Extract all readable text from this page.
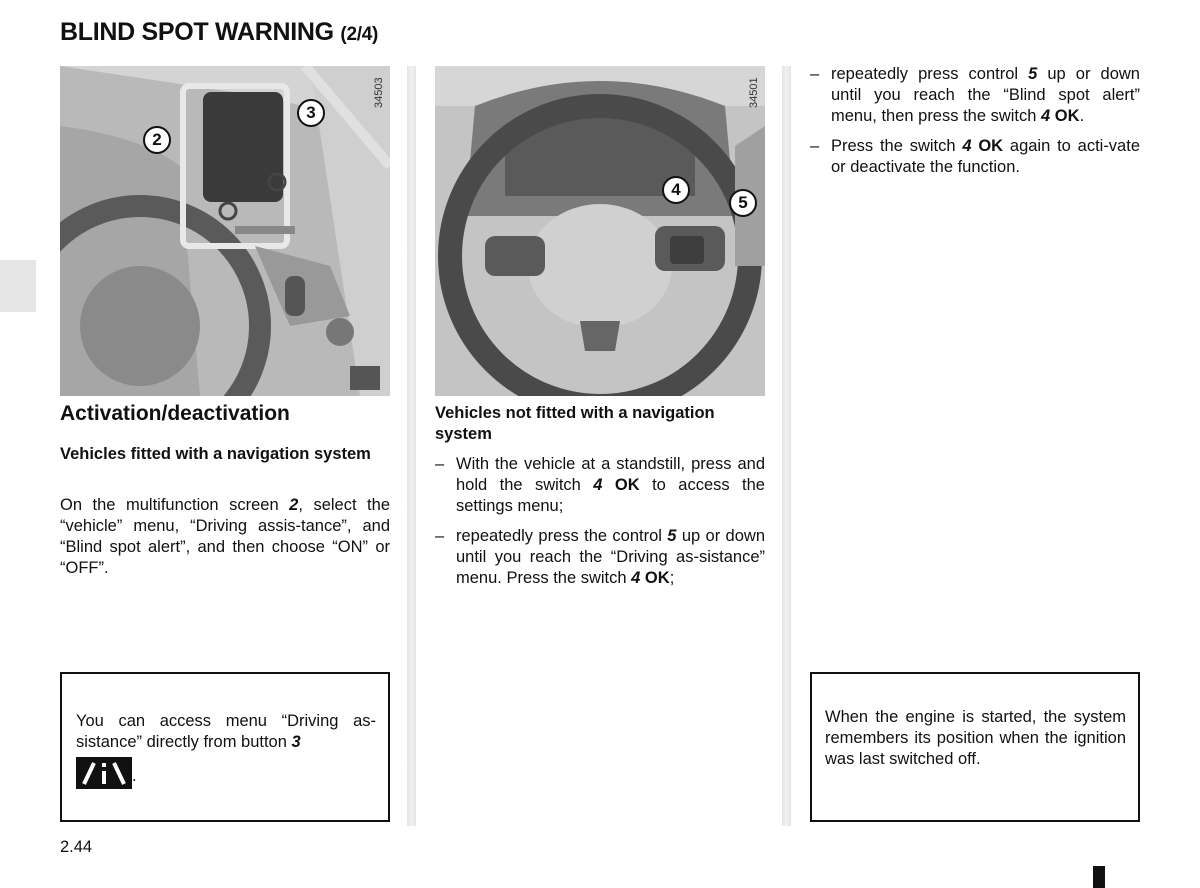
BLIND SPOT WARNING (2/4)
34503
2
3
34501
4
5
Activation/deactivation
Vehicles fitted with a navigation system

On the multifunction screen 2, select the “vehicle” menu, “Driving assis-tance”, and “Blind spot alert”, and then choose “ON” or “OFF”.

You can access menu “Driving as-sistance” directly from button 3
.
Vehicles not fitted with a navigation system
– With the vehicle at a standstill, press and hold the switch 4 OK to access the settings menu;
– repeatedly press the control 5 up or down until you reach the “Driving as-sistance” menu. Press the switch 4 OK;
– repeatedly press control 5 up or down until you reach the “Blind spot alert” menu, then press the switch 4 OK.
– Press the switch 4 OK again to acti-vate or deactivate the function.
When the engine is started, the system remembers its position when the ignition was last switched off.
2.44
